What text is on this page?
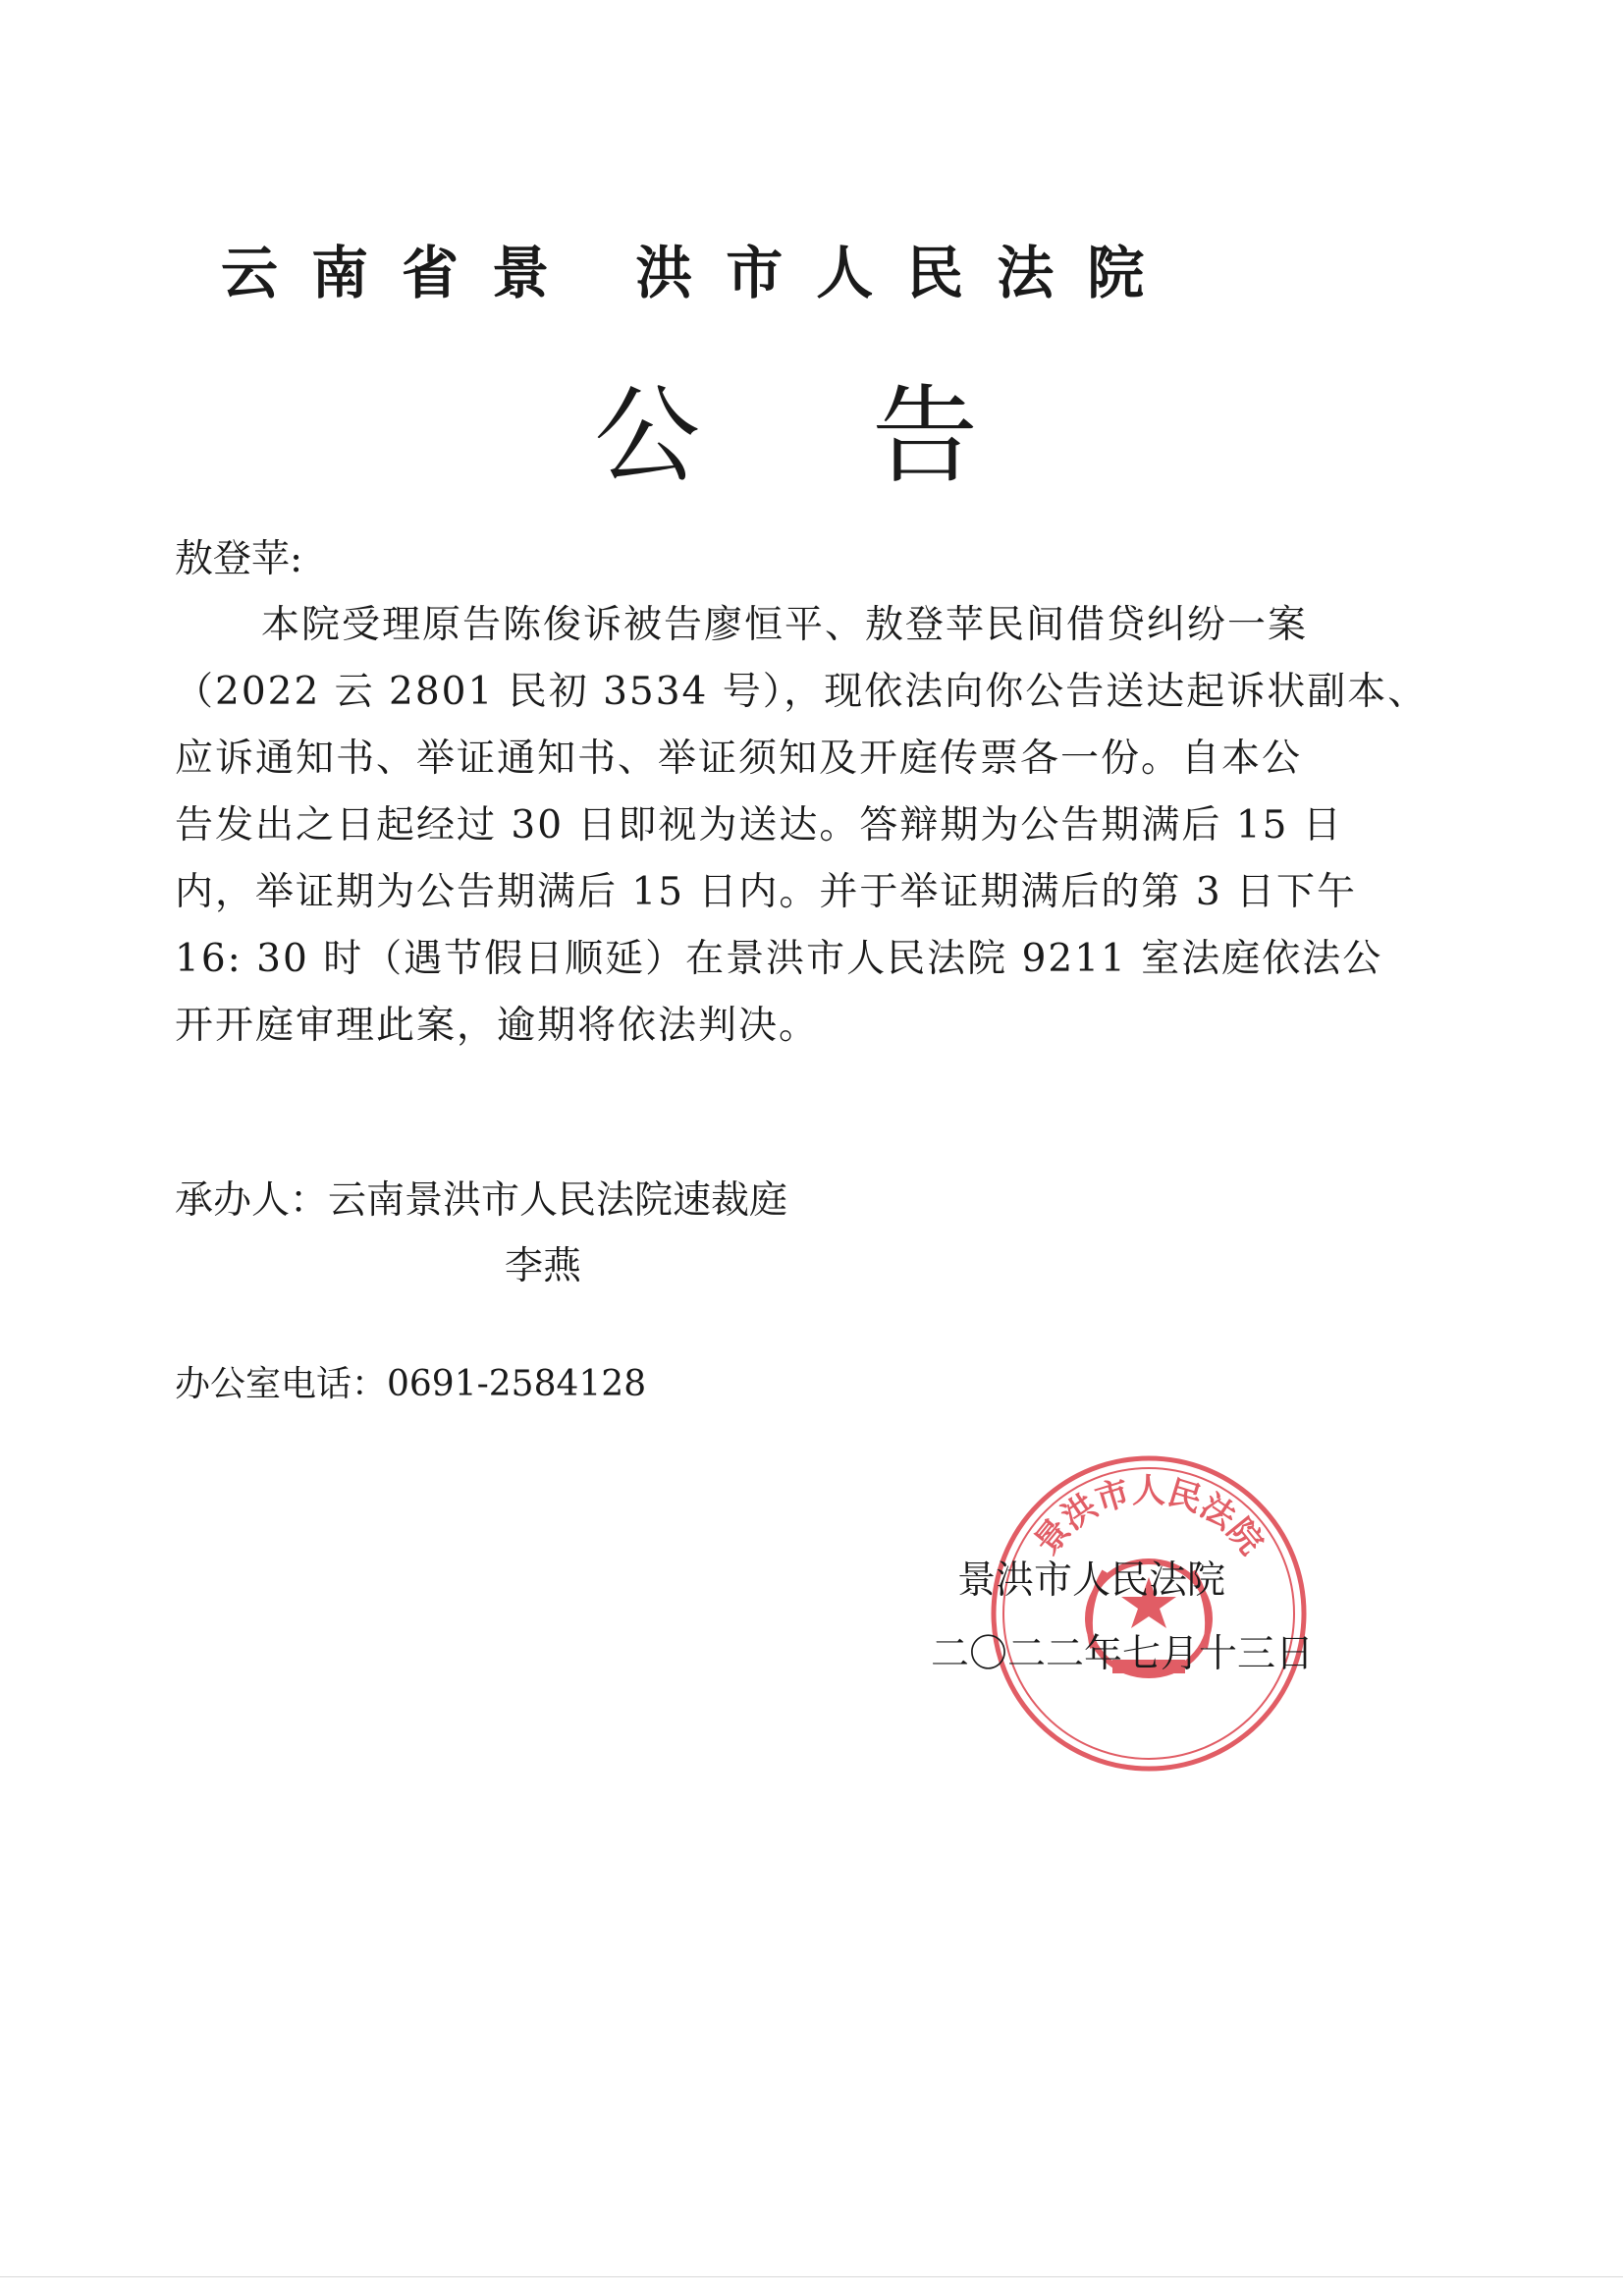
云南省景 洪市人民法院
公告
敖登苹:
本院受理原告陈俊诉被告廖恒平、敖登苹民间借贷纠纷一案
（2022 云 2801 民初 3534 号），现依法向你公告送达起诉状副本、
应诉通知书、举证通知书、举证须知及开庭传票各一份。自本公
告发出之日起经过 30 日即视为送达。答辩期为公告期满后 15 日
内，举证期为公告期满后 15 日内。并于举证期满后的第 3 日下午
16: 30 时（遇节假日顺延）在景洪市人民法院 9211 室法庭依法公
开开庭审理此案，逾期将依法判决。
承办人：云南景洪市人民法院速裁庭
李燕
办公室电话：0691-2584128
景洪市人民法院
景洪市人民法院
二〇二二年七月十三日
